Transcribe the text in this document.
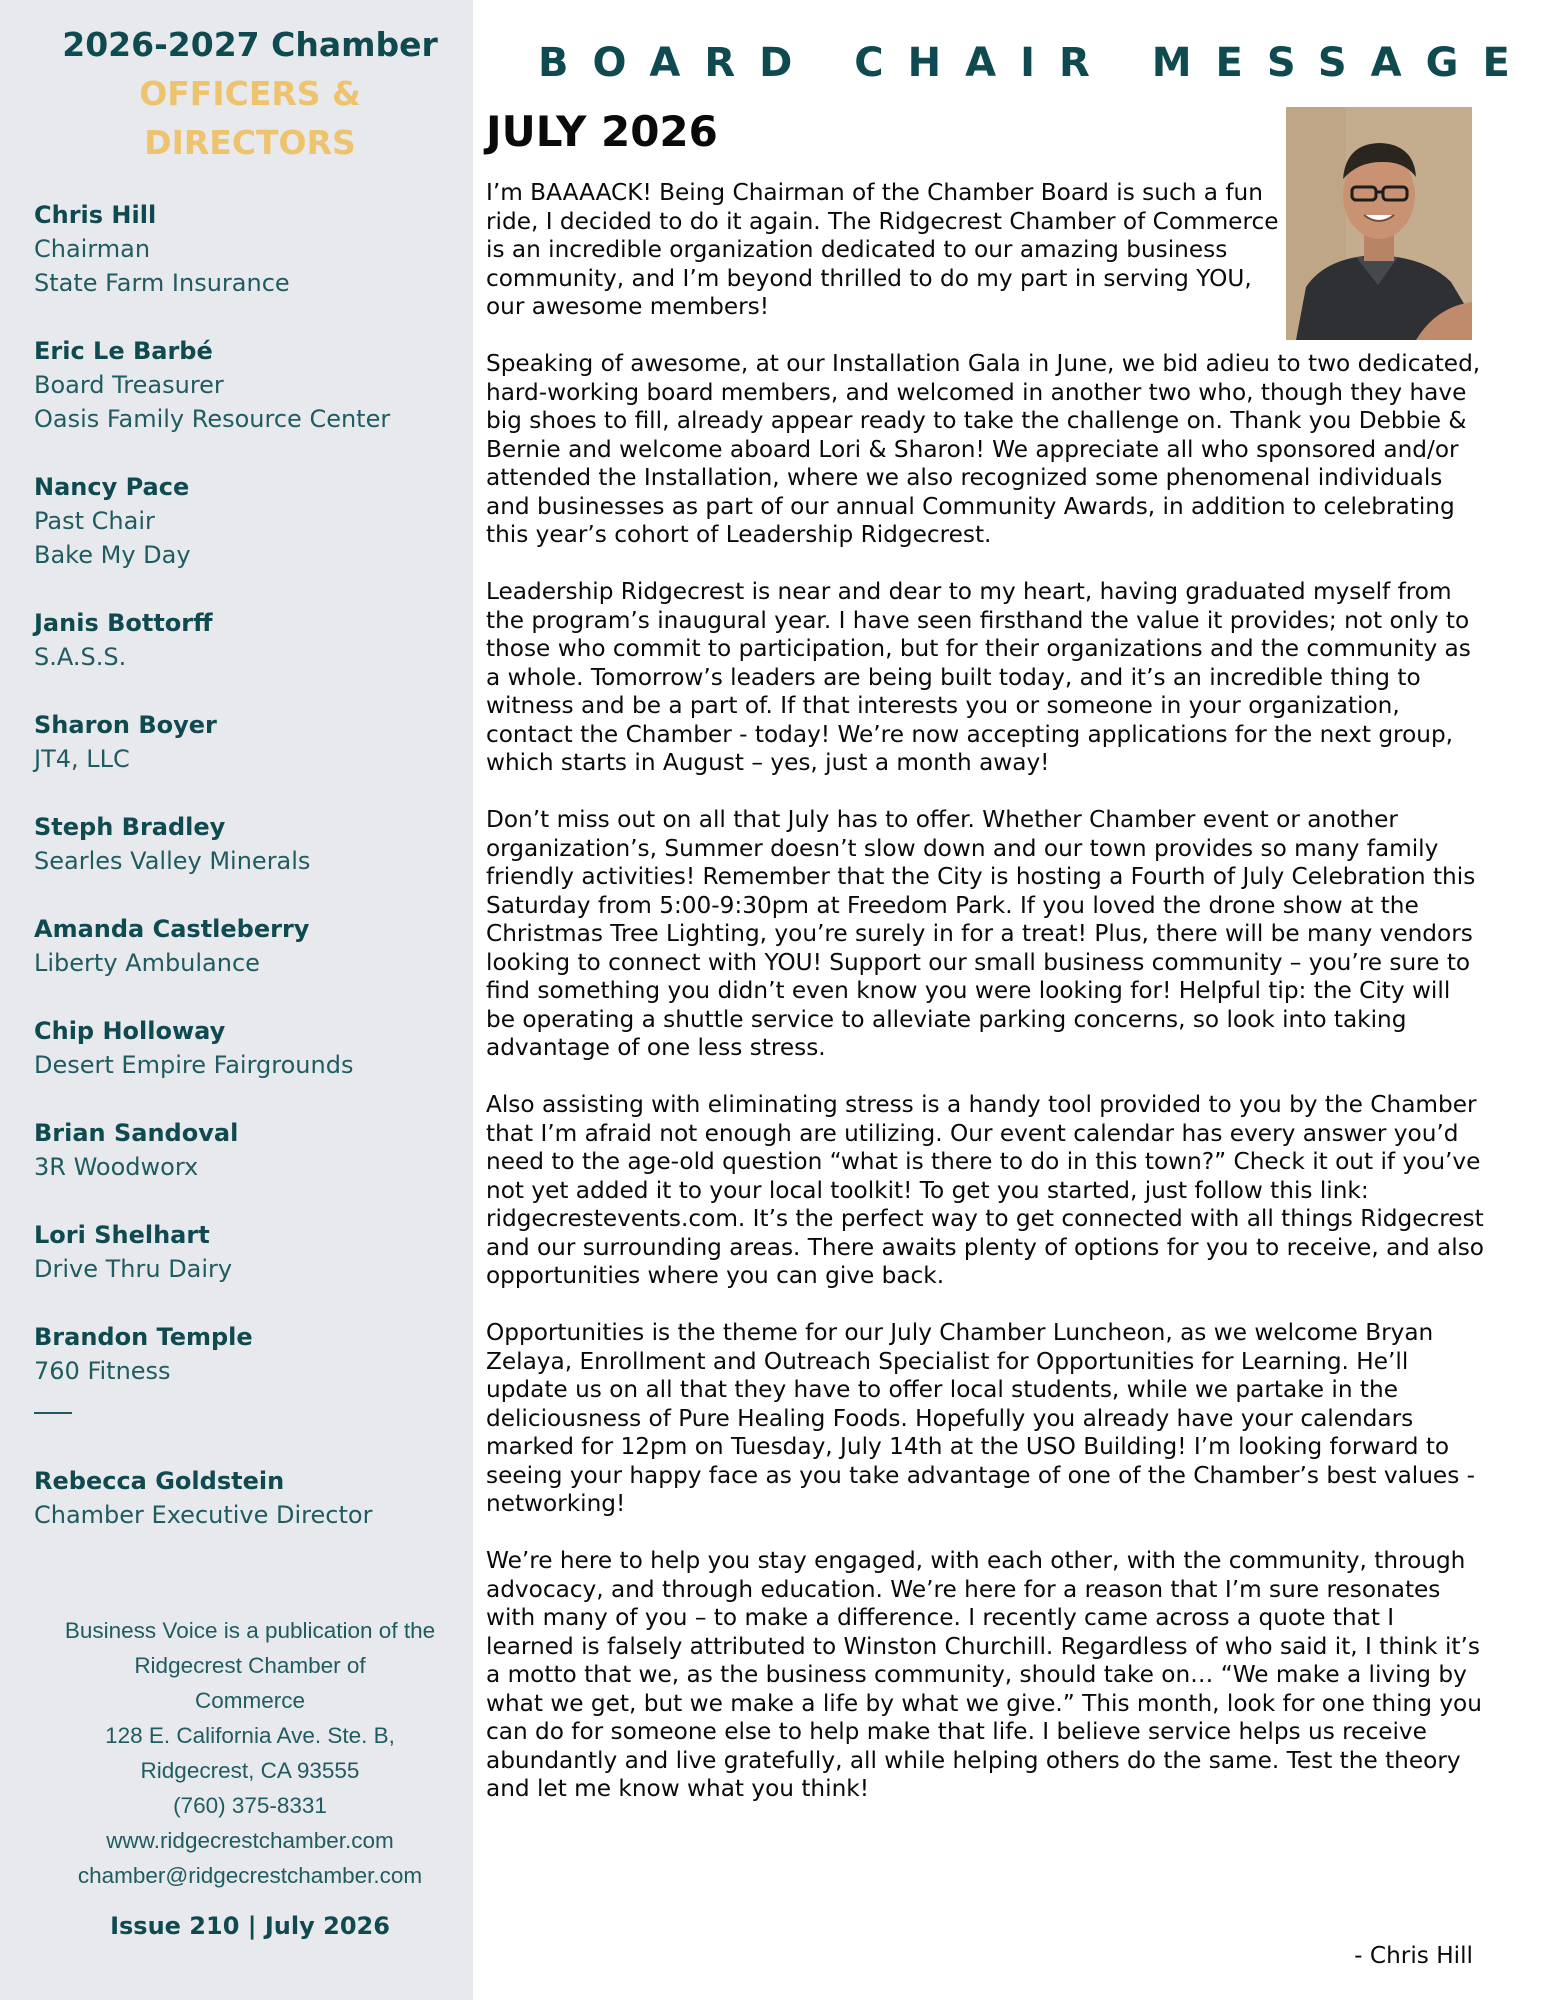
2026-2027 Chamber
OFFICERS &
DIRECTORS
Chris Hill
Chairman
State Farm Insurance
Eric Le Barbé
Board Treasurer
Oasis Family Resource Center
Nancy Pace
Past Chair
Bake My Day
Janis Bottorff
S.A.S.S.
Sharon Boyer
JT4, LLC
Steph Bradley
Searles Valley Minerals
Amanda Castleberry
Liberty Ambulance
Chip Holloway
Desert Empire Fairgrounds
Brian Sandoval
3R Woodworx
Lori Shelhart
Drive Thru Dairy
Brandon Temple
760 Fitness
Rebecca Goldstein
Chamber Executive Director
Business Voice is a publication of the
Ridgecrest Chamber of
Commerce
128 E. California Ave. Ste. B,
Ridgecrest, CA 93555
(760) 375-8331
www.ridgecrestchamber.com
chamber@ridgecrestchamber.com
Issue 210 | July 2026
BOARD CHAIR MESSAGE
JULY 2026

I’m BAAAACK! Being Chairman of the Chamber Board is such a fun ride, I decided to do it again. The Ridgecrest Chamber of Commerce is an incredible organization dedicated to our amazing business community, and I’m beyond thrilled to do my part in serving YOU, our awesome members!

Speaking of awesome, at our Installation Gala in June, we bid adieu to two dedicated, hard-working board members, and welcomed in another two who, though they have big shoes to fill, already appear ready to take the challenge on. Thank you Debbie & Bernie and welcome aboard Lori & Sharon! We appreciate all who sponsored and/or attended the Installation, where we also recognized some phenomenal individuals and businesses as part of our annual Community Awards, in addition to celebrating this year’s cohort of Leadership Ridgecrest.

Leadership Ridgecrest is near and dear to my heart, having graduated myself from the program’s inaugural year. I have seen firsthand the value it provides; not only to those who commit to participation, but for their organizations and the community as a whole. Tomorrow’s leaders are being built today, and it’s an incredible thing to witness and be a part of. If that interests you or someone in your organization, contact the Chamber - today! We’re now accepting applications for the next group, which starts in August – yes, just a month away!

Don’t miss out on all that July has to offer. Whether Chamber event or another organization’s, Summer doesn’t slow down and our town provides so many family friendly activities! Remember that the City is hosting a Fourth of July Celebration this Saturday from 5:00-9:30pm at Freedom Park. If you loved the drone show at the Christmas Tree Lighting, you’re surely in for a treat! Plus, there will be many vendors looking to connect with YOU! Support our small business community – you’re sure to find something you didn’t even know you were looking for! Helpful tip: the City will be operating a shuttle service to alleviate parking concerns, so look into taking advantage of one less stress.

Also assisting with eliminating stress is a handy tool provided to you by the Chamber that I’m afraid not enough are utilizing. Our event calendar has every answer you’d need to the age-old question “what is there to do in this town?” Check it out if you’ve not yet added it to your local toolkit! To get you started, just follow this link: ridgecrestevents.com. It’s the perfect way to get connected with all things Ridgecrest and our surrounding areas. There awaits plenty of options for you to receive, and also opportunities where you can give back.

Opportunities is the theme for our July Chamber Luncheon, as we welcome Bryan Zelaya, Enrollment and Outreach Specialist for Opportunities for Learning. He’ll update us on all that they have to offer local students, while we partake in the deliciousness of Pure Healing Foods. Hopefully you already have your calendars marked for 12pm on Tuesday, July 14th at the USO Building! I’m looking forward to seeing your happy face as you take advantage of one of the Chamber’s best values - networking!

We’re here to help you stay engaged, with each other, with the community, through advocacy, and through education. We’re here for a reason that I’m sure resonates with many of you – to make a difference. I recently came across a quote that I learned is falsely attributed to Winston Churchill. Regardless of who said it, I think it’s a motto that we, as the business community, should take on… “We make a living by what we get, but we make a life by what we give.” This month, look for one thing you can do for someone else to help make that life. I believe service helps us receive abundantly and live gratefully, all while helping others do the same. Test the theory and let me know what you think!

- Chris Hill
